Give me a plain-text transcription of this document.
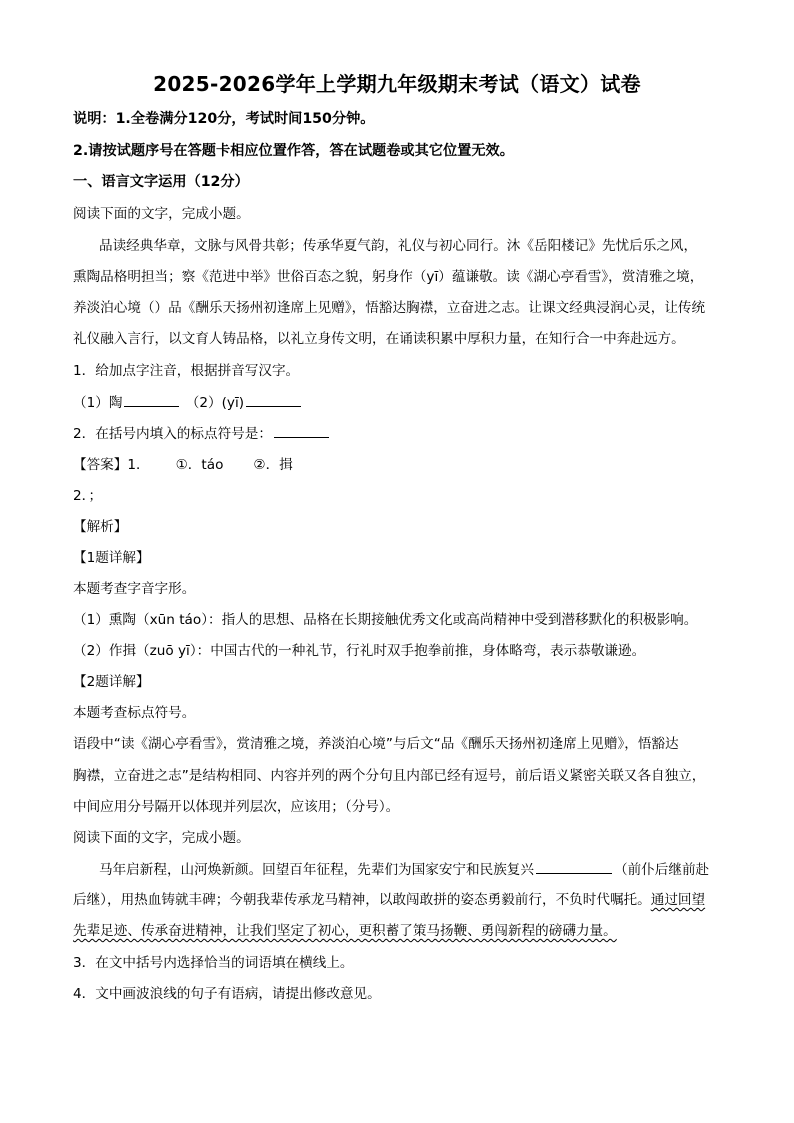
2025-2026学年上学期九年级期末考试（语文）试卷
说明：1.全卷满分120分，考试时间150分钟。
2.请按试题序号在答题卡相应位置作答，答在试题卷或其它位置无效。
一、语言文字运用（12分）
阅读下面的文字，完成小题。
品读经典华章，文脉与风骨共彰；传承华夏气韵，礼仪与初心同行。沐《岳阳楼记》先忧后乐之风，
熏陶品格明担当；察《范进中举》世俗百态之貌，躬身作（yī）蕴谦敬。读《湖心亭看雪》，赏清雅之境，
养淡泊心境（）品《酬乐天扬州初逢席上见赠》，悟豁达胸襟，立奋进之志。让课文经典浸润心灵，让传统
礼仪融入言行，以文育人铸品格，以礼立身传文明，在诵读积累中厚积力量，在知行合一中奔赴远方。
1．给加点字注音，根据拼音写汉字。
（1）陶	（2）(yī)
2．在括号内填入的标点符号是：
【答案】1． ①．táo ②．揖
2．；
【解析】
【1题详解】
本题考查字音字形。
（1）熏陶（xūn táo）：指人的思想、品格在长期接触优秀文化或高尚精神中受到潜移默化的积极影响。
（2）作揖（zuō yī）：中国古代的一种礼节，行礼时双手抱拳前推，身体略弯，表示恭敬谦逊。
【2题详解】
本题考查标点符号。
语段中“读《湖心亭看雪》，赏清雅之境，养淡泊心境”与后文“品《酬乐天扬州初逢席上见赠》，悟豁达
胸襟，立奋进之志”是结构相同、内容并列的两个分句且内部已经有逗号，前后语义紧密关联又各自独立，
中间应用分号隔开以体现并列层次，应该用；（分号）。
阅读下面的文字，完成小题。
马年启新程，山河焕新颜。回望百年征程，先辈们为国家安宁和民族复兴	（前仆后继前赴
后继），用热血铸就丰碑；今朝我辈传承龙马精神，以敢闯敢拼的姿态勇毅前行，不负时代嘱托。通过回望
先辈足迹、传承奋进精神，让我们坚定了初心，更积蓄了策马扬鞭、勇闯新程的磅礴力量。
3．在文中括号内选择恰当的词语填在横线上。
4．文中画波浪线的句子有语病，请提出修改意见。
